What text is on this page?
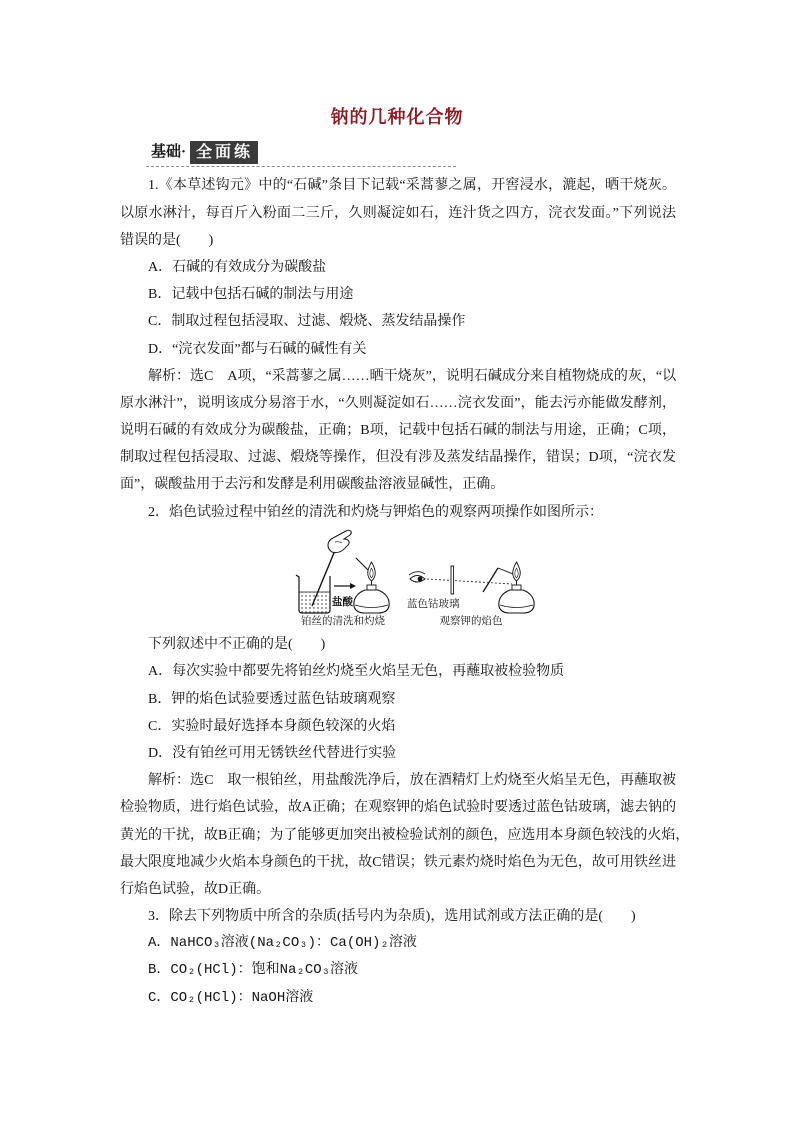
钠的几种化合物
基础· 全面练
1.《本草述钩元》中的“石碱”条目下记载“采蒿蓼之属，开窖浸水，漉起，晒干烧灰。
以原水淋汁，每百斤入粉面二三斤，久则凝淀如石，连汁货之四方，浣衣发面。”下列说法
错误的是(　　)
A．石碱的有效成分为碳酸盐
B．记载中包括石碱的制法与用途
C．制取过程包括浸取、过滤、煅烧、蒸发结晶操作
D．“浣衣发面”都与石碱的碱性有关
解析：选C　A项，“采蒿蓼之属……晒干烧灰”，说明石碱成分来自植物烧成的灰，“以
原水淋汁”，说明该成分易溶于水，“久则凝淀如石……浣衣发面”，能去污亦能做发酵剂，
说明石碱的有效成分为碳酸盐，正确；B项，记载中包括石碱的制法与用途，正确；C项，
制取过程包括浸取、过滤、煅烧等操作，但没有涉及蒸发结晶操作，错误；D项，“浣衣发
面”，碳酸盐用于去污和发酵是利用碳酸盐溶液显碱性，正确。
2．焰色试验过程中铂丝的清洗和灼烧与钾焰色的观察两项操作如图所示：
盐酸
铂丝的清洗和灼烧
蓝色钴玻璃
观察钾的焰色
下列叙述中不正确的是(　　)
A．每次实验中都要先将铂丝灼烧至火焰呈无色，再蘸取被检验物质
B．钾的焰色试验要透过蓝色钴玻璃观察
C．实验时最好选择本身颜色较深的火焰
D．没有铂丝可用无锈铁丝代替进行实验
解析：选C　取一根铂丝，用盐酸洗净后，放在酒精灯上灼烧至火焰呈无色，再蘸取被
检验物质，进行焰色试验，故A正确；在观察钾的焰色试验时要透过蓝色钴玻璃，滤去钠的
黄光的干扰，故B正确；为了能够更加突出被检验试剂的颜色，应选用本身颜色较浅的火焰，
最大限度地减少火焰本身颜色的干扰，故C错误；铁元素灼烧时焰色为无色，故可用铁丝进
行焰色试验，故D正确。
3．除去下列物质中所含的杂质(括号内为杂质)，选用试剂或方法正确的是(　　)
A．NaHCO₃溶液(Na₂CO₃)：Ca(OH)₂溶液
B．CO₂(HCl)：饱和Na₂CO₃溶液
C．CO₂(HCl)：NaOH溶液
